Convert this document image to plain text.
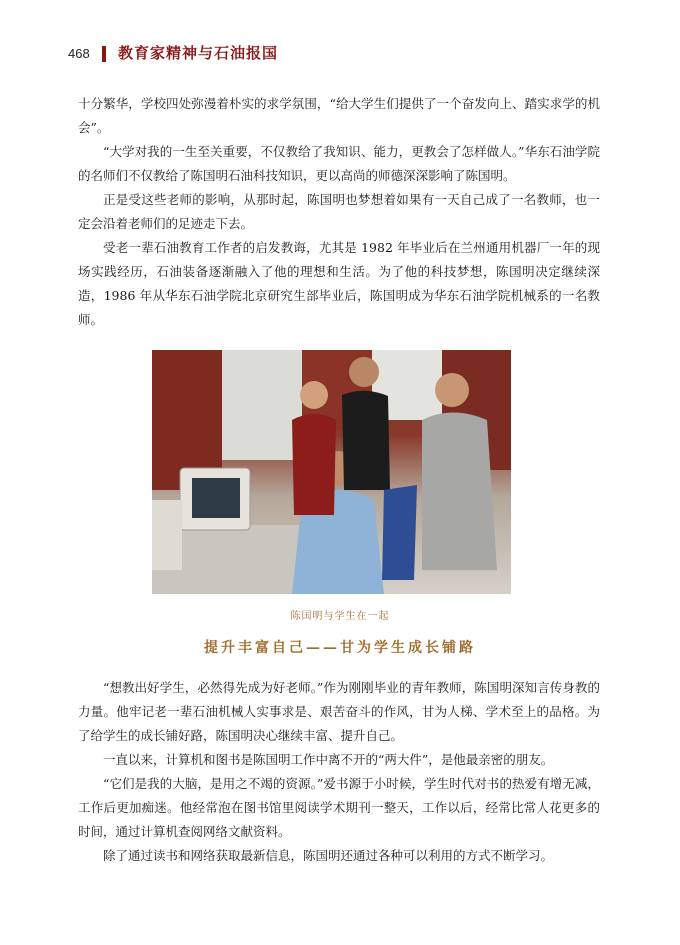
468 教育家精神与石油报国

十分繁华，学校四处弥漫着朴实的求学氛围，“给大学生们提供了一个奋发向上、踏实求学的机会”。

“大学对我的一生至关重要，不仅教给了我知识、能力，更教会了怎样做人。”华东石油学院的名师们不仅教给了陈国明石油科技知识，更以高尚的师德深深影响了陈国明。

正是受这些老师的影响，从那时起，陈国明也梦想着如果有一天自己成了一名教师，也一定会沿着老师们的足迹走下去。

受老一辈石油教育工作者的启发教诲，尤其是 1982 年毕业后在兰州通用机器厂一年的现场实践经历，石油装备逐渐融入了他的理想和生活。为了他的科技梦想，陈国明决定继续深造，1986 年从华东石油学院北京研究生部毕业后，陈国明成为华东石油学院机械系的一名教师。

陈国明与学生在一起
提升丰富自己——甘为学生成长铺路

“想教出好学生，必然得先成为好老师。”作为刚刚毕业的青年教师，陈国明深知言传身教的力量。他牢记老一辈石油机械人实事求是、艰苦奋斗的作风，甘为人梯、学术至上的品格。为了给学生的成长铺好路，陈国明决心继续丰富、提升自己。

一直以来，计算机和图书是陈国明工作中离不开的“两大件”，是他最亲密的朋友。

“它们是我的大脑，是用之不竭的资源。”爱书源于小时候，学生时代对书的热爱有增无减，工作后更加痴迷。他经常泡在图书馆里阅读学术期刊一整天，工作以后，经常比常人花更多的时间，通过计算机查阅网络文献资料。

除了通过读书和网络获取最新信息，陈国明还通过各种可以利用的方式不断学习。
